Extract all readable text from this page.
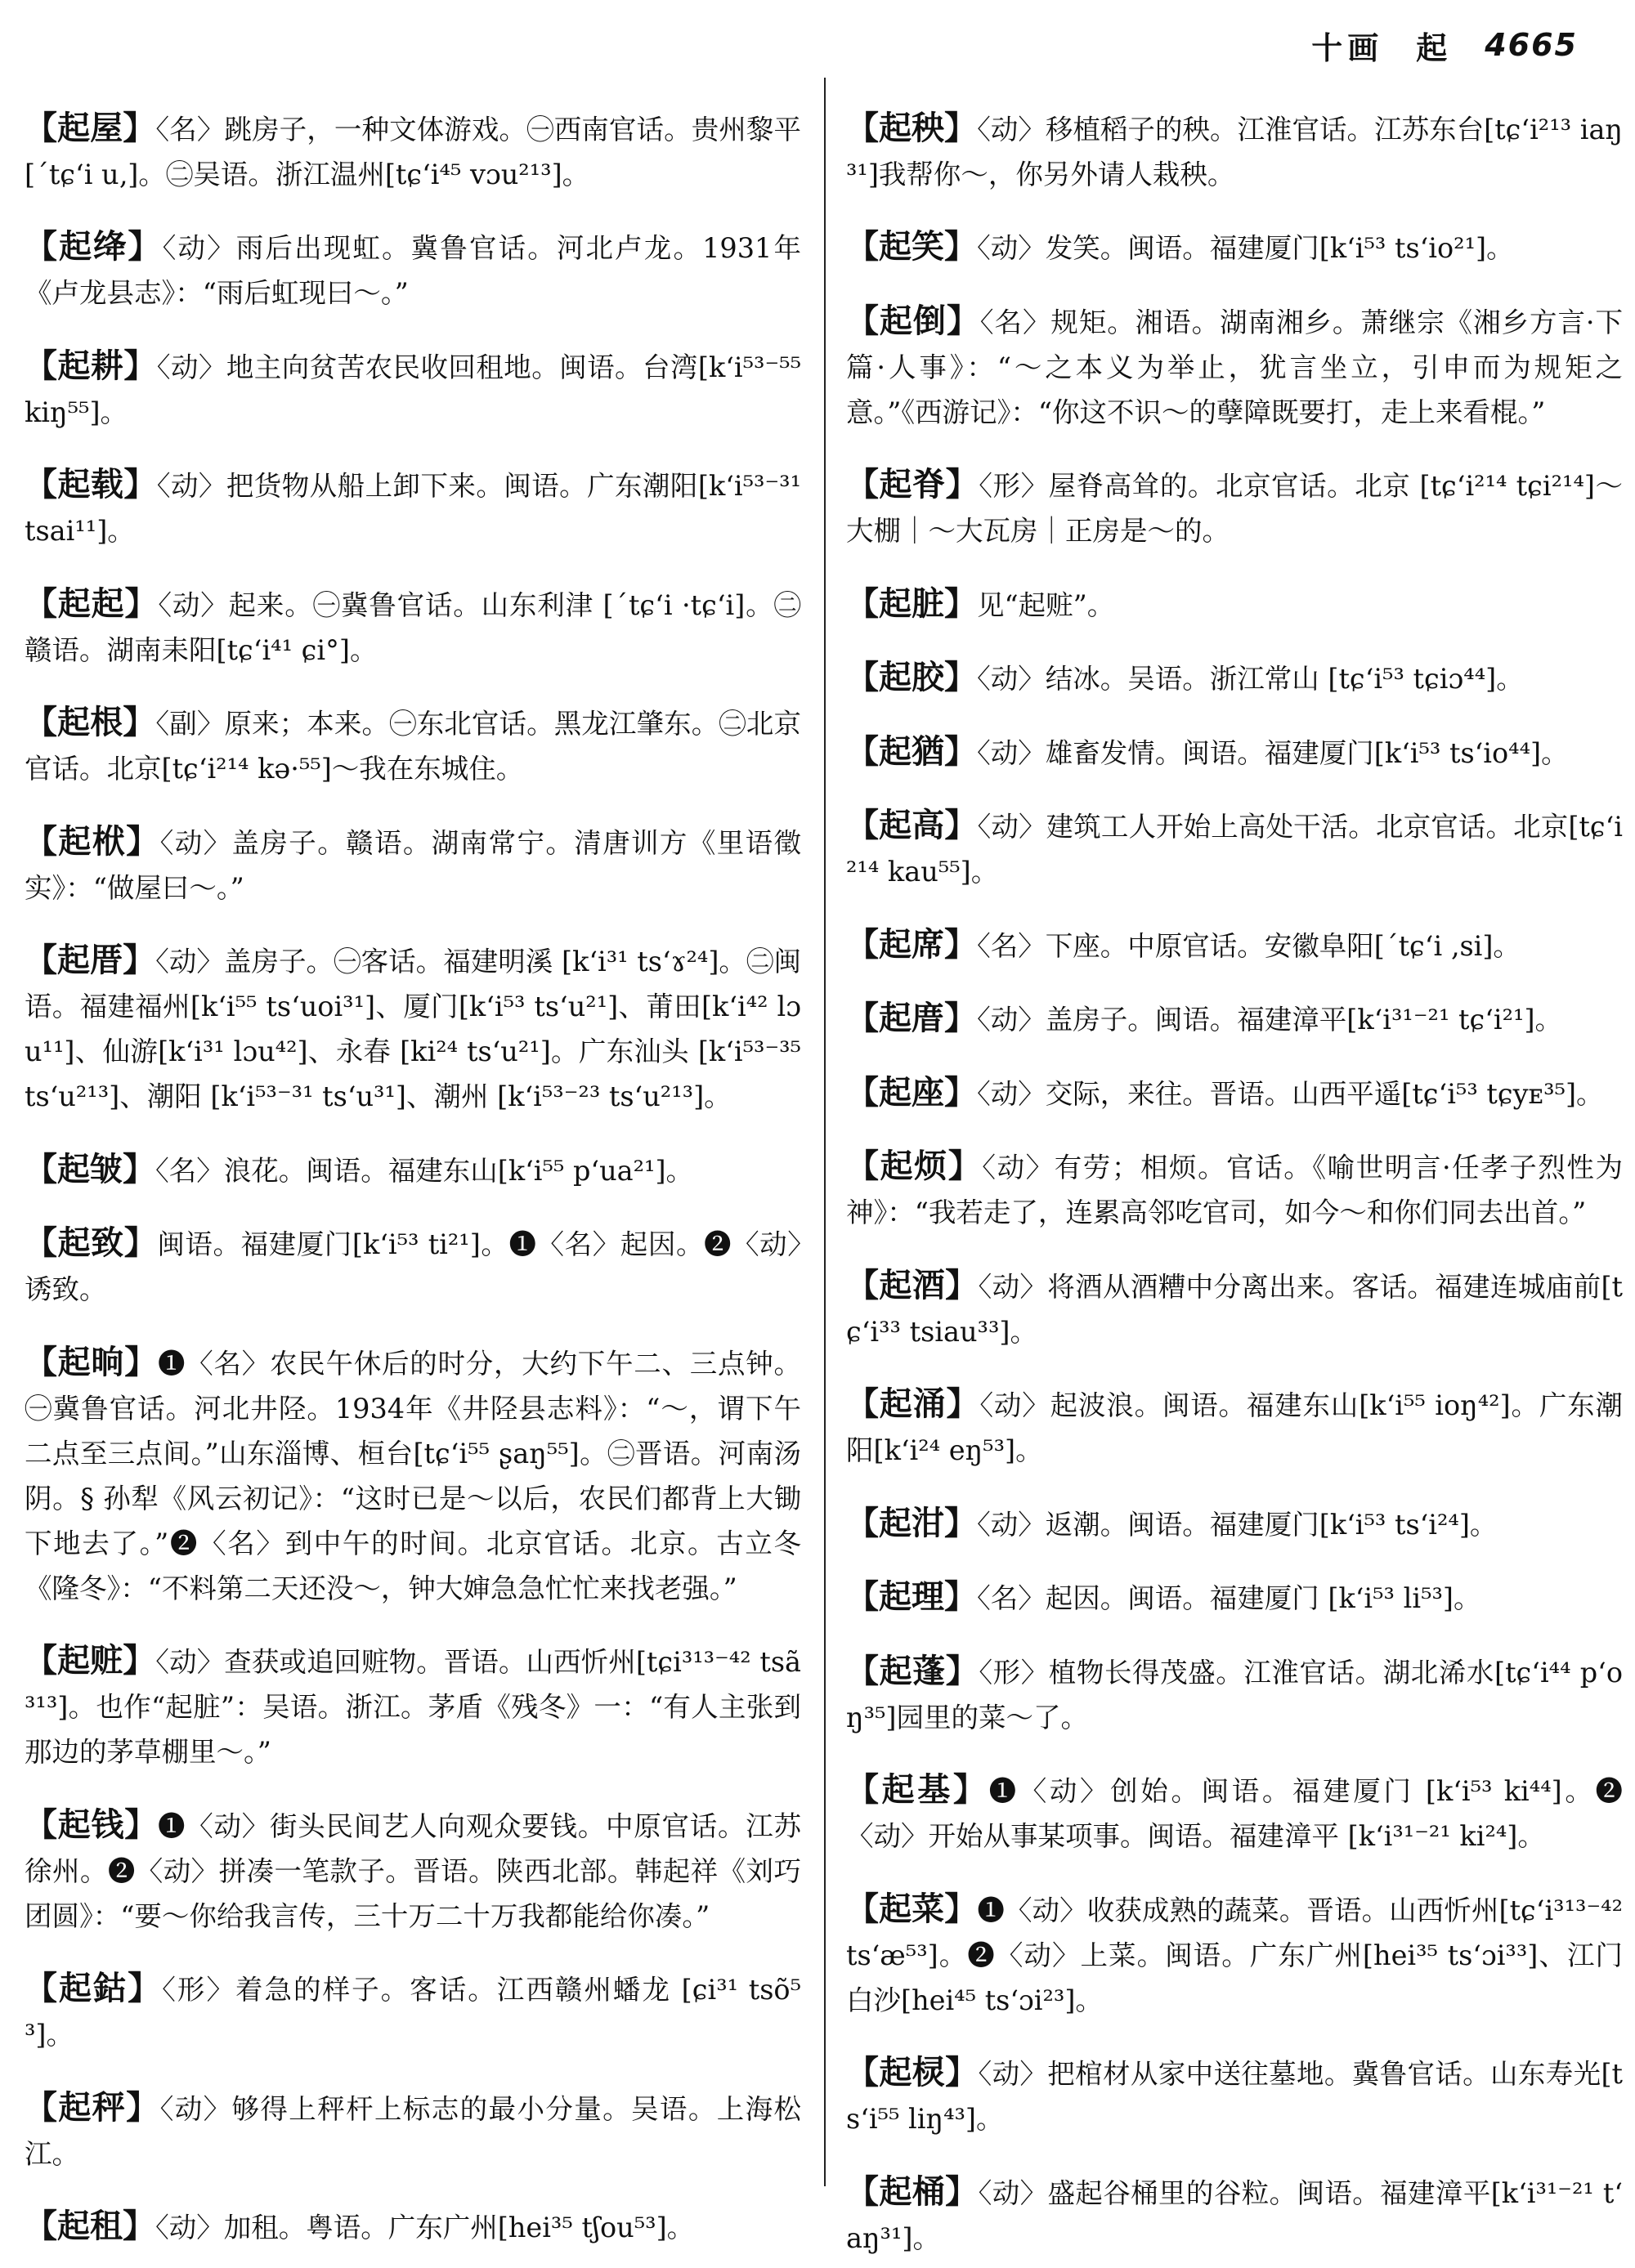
十画 起 4665

【起屋】〈名〉跳房子，一种文体游戏。㊀西南官话。贵州黎平[ˊtɕʻi u‚]。㊁吴语。浙江温州[tɕʻi⁴⁵ vɔu²¹³]。

【起绛】〈动〉雨后出现虹。冀鲁官话。河北卢龙。1931年《卢龙县志》：“雨后虹现曰～。”

【起耕】〈动〉地主向贫苦农民收回租地。闽语。台湾[kʻi⁵³⁻⁵⁵ kiŋ⁵⁵]。

【起载】〈动〉把货物从船上卸下来。闽语。广东潮阳[kʻi⁵³⁻³¹ tsai¹¹]。

【起起】〈动〉起来。㊀冀鲁官话。山东利津 [ˊtɕʻi ·tɕʻi]。㊁赣语。湖南耒阳[tɕʻi⁴¹ ɕi°]。

【起根】〈副〉原来；本来。㊀东北官话。黑龙江肇东。㊁北京官话。北京[tɕʻi²¹⁴ kə·⁵⁵]～我在东城住。

【起栿】〈动〉盖房子。赣语。湖南常宁。清唐训方《里语徵实》：“做屋曰～。”

【起厝】〈动〉盖房子。㊀客话。福建明溪 [kʻi³¹ tsʻɤ²⁴]。㊁闽语。福建福州[kʻi⁵⁵ tsʻuoi³¹]、厦门[kʻi⁵³ tsʻu²¹]、莆田[kʻi⁴² lɔu¹¹]、仙游[kʻi³¹ lɔu⁴²]、永春 [ki²⁴ tsʻu²¹]。广东汕头 [kʻi⁵³⁻³⁵ tsʻu²¹³]、潮阳 [kʻi⁵³⁻³¹ tsʻu³¹]、潮州 [kʻi⁵³⁻²³ tsʻu²¹³]。

【起皱】〈名〉浪花。闽语。福建东山[kʻi⁵⁵ pʻua²¹]。

【起致】闽语。福建厦门[kʻi⁵³ ti²¹]。❶〈名〉起因。❷〈动〉诱致。

【起晌】❶〈名〉农民午休后的时分，大约下午二、三点钟。㊀冀鲁官话。河北井陉。1934年《井陉县志料》：“～，谓下午二点至三点间。”山东淄博、桓台[tɕʻi⁵⁵ ʂaŋ⁵⁵]。㊁晋语。河南汤阴。§ 孙犁《风云初记》：“这时已是～以后，农民们都背上大锄下地去了。”❷〈名〉到中午的时间。北京官话。北京。古立冬《隆冬》：“不料第二天还没～，钟大婶急急忙忙来找老强。”

【起赃】〈动〉查获或追回赃物。晋语。山西忻州[tɕi³¹³⁻⁴² tsã³¹³]。也作“起脏”：吴语。浙江。茅盾《残冬》一：“有人主张到那边的茅草棚里～。”

【起钱】❶〈动〉街头民间艺人向观众要钱。中原官话。江苏徐州。❷〈动〉拼凑一笔款子。晋语。陕西北部。韩起祥《刘巧团圆》：“要～你给我言传，三十万二十万我都能给你凑。”

【起鈷】〈形〉着急的样子。客话。江西赣州蟠龙 [ɕi³¹ tsõ⁵³]。

【起秤】〈动〉够得上秤杆上标志的最小分量。吴语。上海松江。

【起租】〈动〉加租。粤语。广东广州[hei³⁵ tʃou⁵³]。

【起秧】〈动〉移植稻子的秧。江淮官话。江苏东台[tɕʻi²¹³ iaŋ³¹]我帮你～，你另外请人栽秧。

【起笑】〈动〉发笑。闽语。福建厦门[kʻi⁵³ tsʻio²¹]。

【起倒】〈名〉规矩。湘语。湖南湘乡。萧继宗《湘乡方言·下篇·人事》：“～之本义为举止，犹言坐立，引申而为规矩之意。”《西游记》：“你这不识～的孽障既要打，走上来看棍。”

【起脊】〈形〉屋脊高耸的。北京官话。北京 [tɕʻi²¹⁴ tɕi²¹⁴]～大棚｜～大瓦房｜正房是～的。

【起脏】见“起赃”。

【起胶】〈动〉结冰。吴语。浙江常山 [tɕʻi⁵³ tɕiɔ⁴⁴]。

【起猶】〈动〉雄畜发情。闽语。福建厦门[kʻi⁵³ tsʻio⁴⁴]。

【起高】〈动〉建筑工人开始上高处干活。北京官话。北京[tɕʻi²¹⁴ kau⁵⁵]。

【起席】〈名〉下座。中原官话。安徽阜阳[ˊtɕʻi ‚si]。

【起庴】〈动〉盖房子。闽语。福建漳平[kʻi³¹⁻²¹ tɕʻi²¹]。

【起座】〈动〉交际，来往。晋语。山西平遥[tɕʻi⁵³ tɕyᴇ³⁵]。

【起烦】〈动〉有劳；相烦。官话。《喻世明言·任孝子烈性为神》：“我若走了，连累高邻吃官司，如今～和你们同去出首。”

【起酒】〈动〉将酒从酒糟中分离出来。客话。福建连城庙前[tɕʻi³³ tsiau³³]。

【起涌】〈动〉起波浪。闽语。福建东山[kʻi⁵⁵ ioŋ⁴²]。广东潮阳[kʻi²⁴ eŋ⁵³]。

【起泔】〈动〉返潮。闽语。福建厦门[kʻi⁵³ tsʻi²⁴]。

【起理】〈名〉起因。闽语。福建厦门 [kʻi⁵³ li⁵³]。

【起蓬】〈形〉植物长得茂盛。江淮官话。湖北浠水[tɕʻi⁴⁴ pʻoŋ³⁵]园里的菜～了。

【起基】❶〈动〉创始。闽语。福建厦门 [kʻi⁵³ ki⁴⁴]。❷〈动〉开始从事某项事。闽语。福建漳平 [kʻi³¹⁻²¹ ki²⁴]。

【起菜】❶〈动〉收获成熟的蔬菜。晋语。山西忻州[tɕʻi³¹³⁻⁴² tsʻæ⁵³]。❷〈动〉上菜。闽语。广东广州[hei³⁵ tsʻɔi³³]、江门白沙[hei⁴⁵ tsʻɔi²³]。

【起棂】〈动〉把棺材从家中送往墓地。冀鲁官话。山东寿光[tsʻi⁵⁵ liŋ⁴³]。

【起桶】〈动〉盛起谷桶里的谷粒。闽语。福建漳平[kʻi³¹⁻²¹ tʻaŋ³¹]。
